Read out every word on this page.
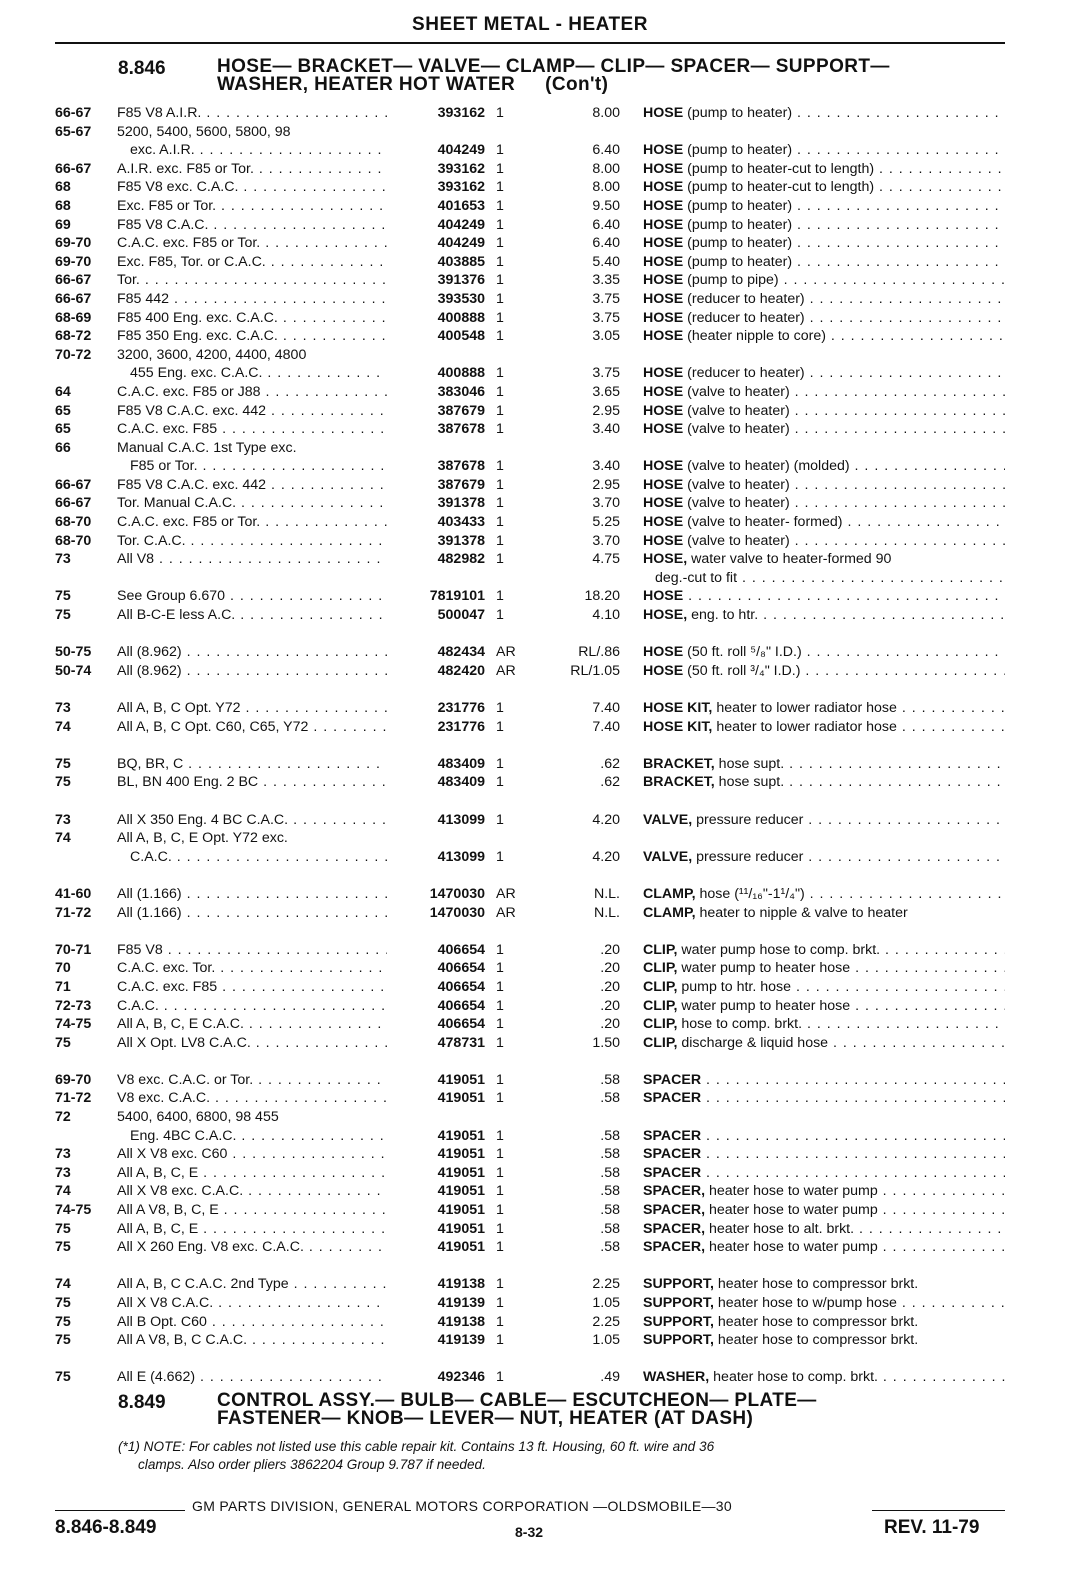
SHEET METAL - HEATER
8.846	HOSE— BRACKET— VALVE— CLAMP— CLIP— SPACER— SUPPORT—
WASHER, HEATER HOT WATER (Con't)
66-67	F85 V8 A.I.R. . . .	393162 1	8.00 HOSE (pump to heater) . . .
65-67	5200, 5400, 5600, 5800, 98
exc. A.I.R. . . .	404249 1	6.40 HOSE (pump to heater) . . .
66-67	A.I.R. exc. F85 or Tor. . . .	393162 1	8.00 HOSE (pump to heater-cut to length) . . .
68	F85 V8 exc. C.A.C. . . .	393162 1	8.00 HOSE (pump to heater-cut to length) . . .
68	Exc. F85 or Tor. . . .	401653 1	9.50 HOSE (pump to heater) . . .
69	F85 V8 C.A.C. . . .	404249 1	6.40 HOSE (pump to heater) . . .
69-70	C.A.C. exc. F85 or Tor. . . .	404249 1	6.40 HOSE (pump to heater) . . .
69-70	Exc. F85, Tor. or C.A.C. . . .	403885 1	5.40 HOSE (pump to heater) . . .
66-67	Tor. . . .	391376 1	3.35 HOSE (pump to pipe) . . .
66-67	F85 442 . . .	393530 1	3.75 HOSE (reducer to heater) . . .
68-69	F85 400 Eng. exc. C.A.C. . . .	400888 1	3.75 HOSE (reducer to heater) . . .
68-72	F85 350 Eng. exc. C.A.C. . . .	400548 1	3.05 HOSE (heater nipple to core) . . .
70-72	3200, 3600, 4200, 4400, 4800
455 Eng. exc. C.A.C. . . .	400888 1	3.75 HOSE (reducer to heater) . . .
64	C.A.C. exc. F85 or J88 . . .	383046 1	3.65 HOSE (valve to heater) . . .
65	F85 V8 C.A.C. exc. 442 . . .	387679 1	2.95 HOSE (valve to heater) . . .
65	C.A.C. exc. F85 . . .	387678 1	3.40 HOSE (valve to heater) . . .
66	Manual C.A.C. 1st Type exc.
F85 or Tor. . . .	387678 1	3.40 HOSE (valve to heater) (molded) . . .
66-67	F85 V8 C.A.C. exc. 442 . . .	387679 1	2.95 HOSE (valve to heater) . . .
66-67	Tor. Manual C.A.C. . . .	391378 1	3.70 HOSE (valve to heater) . . .
68-70	C.A.C. exc. F85 or Tor. . . .	403433 1	5.25 HOSE (valve to heater- formed) . . .
68-70	Tor. C.A.C. . . .	391378 1	3.70 HOSE (valve to heater) . . .
73	All V8 . . .	482982 1	4.75 HOSE, water valve to heater-formed 90
deg.-cut to fit . . .
75	See Group 6.670 . . .	7819101 1	18.20 HOSE . . .
75	All B-C-E less A.C. . . .	500047 1	4.10 HOSE, eng. to htr. . . .
50-75	All (8.962) . . .	482434 AR	RL/.86 HOSE (50 ft. roll ⁵/₈" I.D.) . . .
50-74	All (8.962) . . .	482420 AR	RL/1.05 HOSE (50 ft. roll ³/₄" I.D.) . . .
73	All A, B, C Opt. Y72 . . .	231776 1	7.40 HOSE KIT, heater to lower radiator hose . . .
74	All A, B, C Opt. C60, C65, Y72 . . .	231776 1	7.40 HOSE KIT, heater to lower radiator hose . . .
75	BQ, BR, C . . .	483409 1	.62 BRACKET, hose supt. . . .
75	BL, BN 400 Eng. 2 BC . . .	483409 1	.62 BRACKET, hose supt. . . .
73	All X 350 Eng. 4 BC C.A.C. . . .	413099 1	4.20 VALVE, pressure reducer . . .
74	All A, B, C, E Opt. Y72 exc.
C.A.C. . . .	413099 1	4.20 VALVE, pressure reducer . . .
41-60	All (1.166) . . .	1470030 AR	N.L. CLAMP, hose (¹¹/₁₆"-1¹/₄") . . .
71-72	All (1.166) . . .	1470030 AR	N.L. CLAMP, heater to nipple & valve to heater
70-71	F85 V8 . . .	406654 1	.20 CLIP, water pump hose to comp. brkt. . . .
70	C.A.C. exc. Tor. . . .	406654 1	.20 CLIP, water pump to heater hose . . .
71	C.A.C. exc. F85 . . .	406654 1	.20 CLIP, pump to htr. hose . . .
72-73	C.A.C. . . .	406654 1	.20 CLIP, water pump to heater hose . . .
74-75	All A, B, C, E C.A.C. . . .	406654 1	.20 CLIP, hose to comp. brkt. . . .
75	All X Opt. LV8 C.A.C. . . .	478731 1	1.50 CLIP, discharge & liquid hose . . .
69-70	V8 exc. C.A.C. or Tor. . . .	419051 1	.58 SPACER . . .
71-72	V8 exc. C.A.C. . . .	419051 1	.58 SPACER . . .
72	5400, 6400, 6800, 98 455
Eng. 4BC C.A.C. . . .	419051 1	.58 SPACER . . .
73	All X V8 exc. C60 . . .	419051 1	.58 SPACER . . .
73	All A, B, C, E . . .	419051 1	.58 SPACER . . .
74	All X V8 exc. C.A.C. . . .	419051 1	.58 SPACER, heater hose to water pump . . .
74-75	All A V8, B, C, E . . .	419051 1	.58 SPACER, heater hose to water pump . . .
75	All A, B, C, E . . .	419051 1	.58 SPACER, heater hose to alt. brkt. . . .
75	All X 260 Eng. V8 exc. C.A.C. . . .	419051 1	.58 SPACER, heater hose to water pump . . .
74	All A, B, C C.A.C. 2nd Type . . .	419138 1	2.25 SUPPORT, heater hose to compressor brkt.
75	All X V8 C.A.C. . . .	419139 1	1.05 SUPPORT, heater hose to w/pump hose . . .
75	All B Opt. C60 . . .	419138 1	2.25 SUPPORT, heater hose to compressor brkt.
75	All A V8, B, C C.A.C. . . .	419139 1	1.05 SUPPORT, heater hose to compressor brkt.
75	All E (4.662) . . .	492346 1	.49 WASHER, heater hose to comp. brkt. . . .
8.849	CONTROL ASSY.— BULB— CABLE— ESCUTCHEON— PLATE—
FASTENER— KNOB— LEVER— NUT, HEATER (AT DASH)
(*1) NOTE: For cables not listed use this cable repair kit. Contains 13 ft. Housing, 60 ft. wire and 36
clamps. Also order pliers 3862204 Group 9.787 if needed.
GM PARTS DIVISION, GENERAL MOTORS CORPORATION —OLDSMOBILE—30
8.846-8.849	8-32	REV. 11-79
